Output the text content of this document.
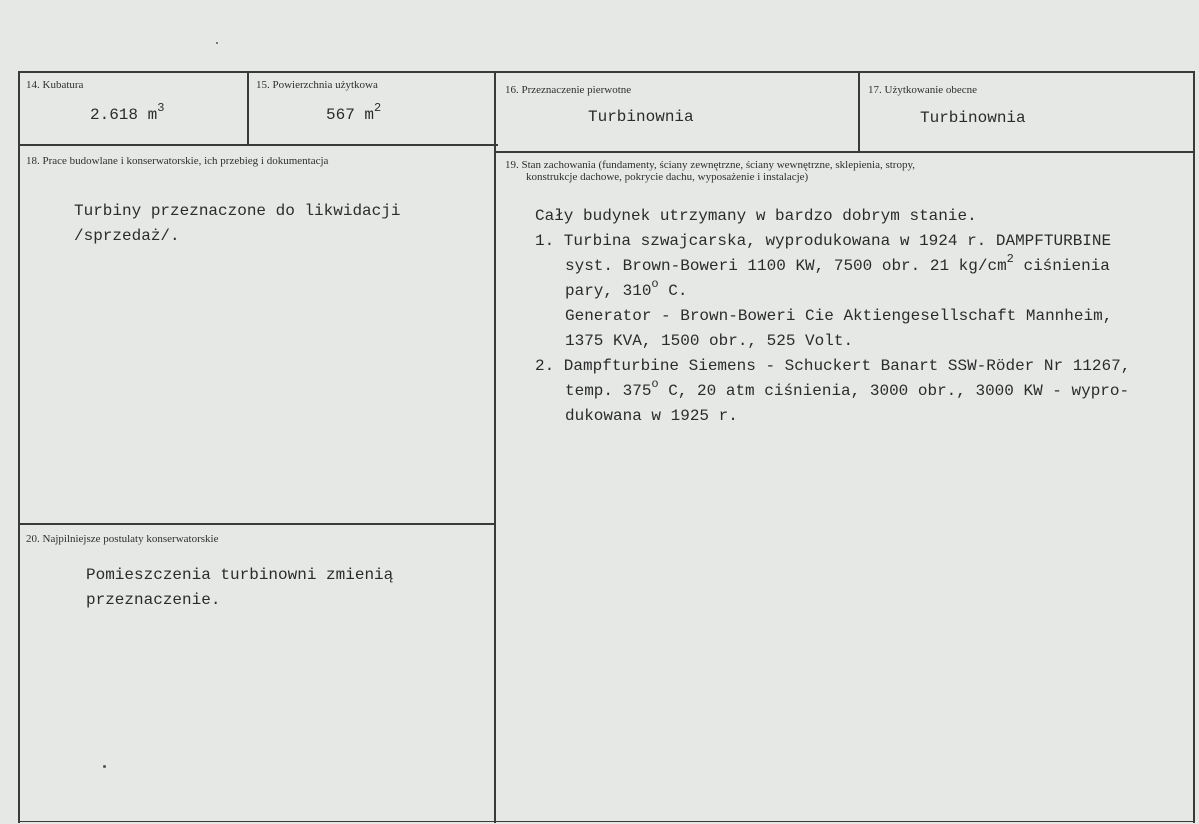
14. Kubatura
2.618 $m^3$
15. Powierzchnia użytkowa
567 $m^2$
16. Przeznaczenie pierwotne
Turbinownia
17. Użytkowanie obecne
Turbinownia
18. Prace budowlane i konserwatorskie, ich przebieg i dokumentacja
Turbiny przeznaczone do likwidacji
/sprzedaż/.
19. Stan zachowania (fundamenty, ściany zewnętrzne, ściany wewnętrzne, sklepienia, stropy,
konstrukcje dachowe, pokrycie dachu, wyposażenie i instalacje)
Cały budynek utrzymany w bardzo dobrym stanie.
1. Turbina szwajcarska, wyprodukowana w 1924 r. DAMPFTURBINE
syst. Brown-Boweri 1100 KW, 7500 obr. 21 $kg/cm^2$ ciśnienia
pary, 310$^o$ C.
Generator - Brown-Boweri Cie Aktiengesellschaft Mannheim,
1375 KVA, 1500 obr., 525 Volt.
2. Dampfturbine Siemens - Schuckert Banart SSW-Röder Nr 11267,
temp. 375$^o$ C, 20 atm ciśnienia, 3000 obr., 3000 KW - wypro-
dukowana w 1925 r.
20. Najpilniejsze postulaty konserwatorskie
Pomieszczenia turbinowni zmienią
przeznaczenie.
